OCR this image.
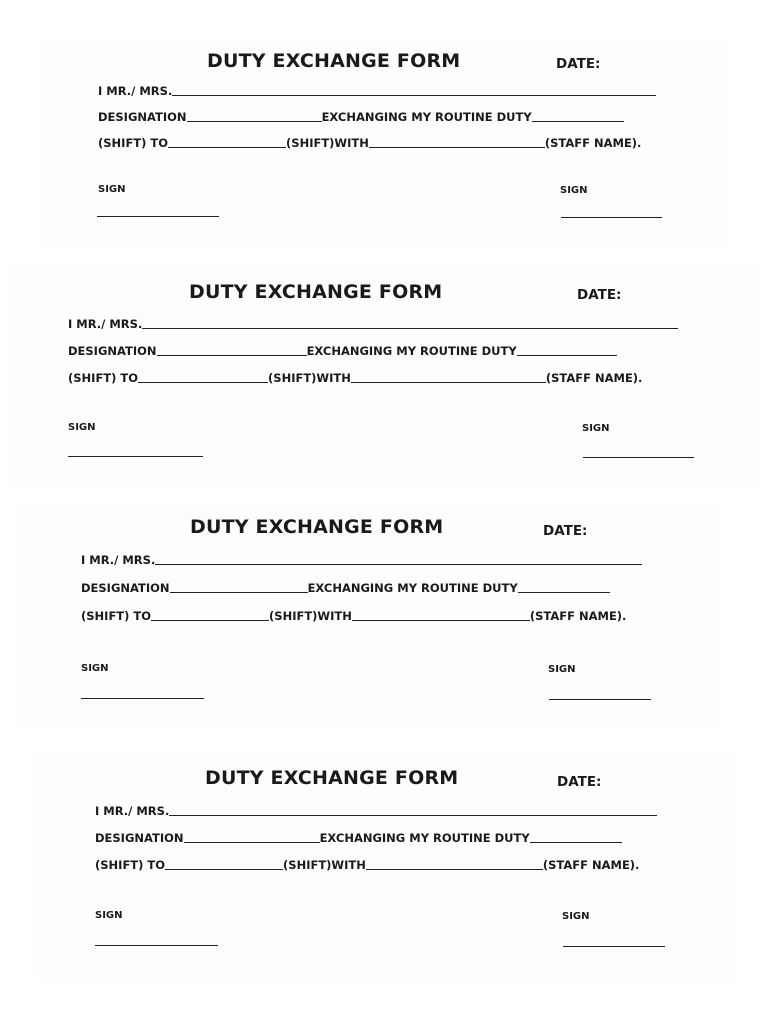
DUTY EXCHANGE FORM	DATE:
I MR./ MRS.
DESIGNATION	EXCHANGING MY ROUTINE DUTY
(SHIFT) TO	(SHIFT)WITH	(STAFF NAME).
SIGN	SIGN
DUTY EXCHANGE FORM	DATE:
I MR./ MRS.
DESIGNATION	EXCHANGING MY ROUTINE DUTY
(SHIFT) TO	(SHIFT)WITH	(STAFF NAME).
SIGN	SIGN
DUTY EXCHANGE FORM	DATE:
I MR./ MRS.
DESIGNATION	EXCHANGING MY ROUTINE DUTY
(SHIFT) TO	(SHIFT)WITH	(STAFF NAME).
SIGN	SIGN
DUTY EXCHANGE FORM	DATE:
I MR./ MRS.
DESIGNATION	EXCHANGING MY ROUTINE DUTY
(SHIFT) TO	(SHIFT)WITH	(STAFF NAME).
SIGN	SIGN
